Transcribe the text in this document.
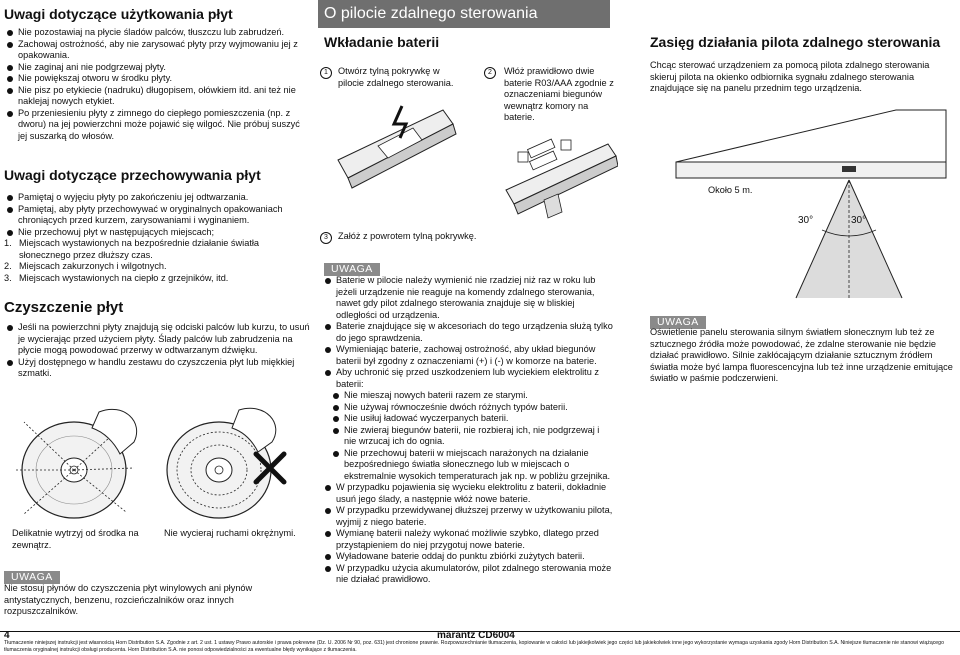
Uwagi dotyczące użytkowania płyt
Nie pozostawiaj na płycie śladów palców, tłuszczu lub zabrudzeń.
Zachowaj ostrożność, aby nie zarysować płyty przy wyjmowaniu jej z opakowania.
Nie zaginaj ani nie podgrzewaj płyty.
Nie powiększaj otworu w środku płyty.
Nie pisz po etykiecie (nadruku) długopisem, ołówkiem itd. ani też nie naklejaj nowych etykiet.
Po przeniesieniu płyty z zimnego do ciepłego pomieszczenia (np. z dworu) na jej powierzchni może pojawić się wilgoć. Nie próbuj suszyć jej suszarką do włosów.
Uwagi dotyczące przechowywania płyt
Pamiętaj o wyjęciu płyty po zakończeniu jej odtwarzania.
Pamiętaj, aby płyty przechowywać w oryginalnych opakowaniach chroniących przed kurzem, zarysowaniami i wyginaniem.
Nie przechowuj płyt w następujących miejscach;
1. Miejscach wystawionych na bezpośrednie działanie światła słonecznego przez dłuższy czas.
2. Miejscach zakurzonych i wilgotnych.
3. Miejscach wystawionych na ciepło z grzejników, itd.
Czyszczenie płyt
Jeśli na powierzchni płyty znajdują się odciski palców lub kurzu, to usuń je wycierając przed użyciem płyty. Ślady palców lub zabrudzenia na płycie mogą powodować przerwy w odtwarzanym dźwięku.
Użyj dostępnego w handlu zestawu do czyszczenia płyt lub miękkiej szmatki.
Delikatnie wytrzyj od środka na zewnątrz.
Nie wycieraj ruchami okrężnymi.
UWAGA

Nie stosuj płynów do czyszczenia płyt winylowych ani płynów antystatycznych, benzenu, rozcieńczalników oraz innych rozpuszczalników.

O pilocie zdalnego sterowania
Wkładanie baterii
1	Otwórz tylną pokrywkę w pilocie zdalnego sterowania.
2	Włóż prawidłowo dwie baterie R03/AAA zgodnie z oznaczeniami biegunów wewnątrz komory na baterie.
3	Załóż z powrotem tylną pokrywkę.
UWAGA
Baterie w pilocie należy wymienić nie rzadziej niż raz w roku lub jeżeli urządzenie nie reaguje na komendy zdalnego sterowania, nawet gdy pilot zdalnego sterowania znajduje się w bliskiej odległości od urządzenia.
Baterie znajdujące się w akcesoriach do tego urządzenia służą tylko do jego sprawdzenia.
Wymieniając baterie, zachowaj ostrożność, aby układ biegunów baterii był zgodny z oznaczeniami (+) i (-) w komorze na baterie.
Aby uchronić się przed uszkodzeniem lub wyciekiem elektrolitu z baterii:
Nie mieszaj nowych baterii razem ze starymi.
Nie używaj równocześnie dwóch różnych typów baterii.
Nie usiłuj ładować wyczerpanych baterii.
Nie zwieraj biegunów baterii, nie rozbieraj ich, nie podgrzewaj i nie wrzucaj ich do ognia.
Nie przechowuj baterii w miejscach narażonych na działanie bezpośredniego światła słonecznego lub w miejscach o ekstremalnie wysokich temperaturach jak np. w pobliżu grzejnika.
W przypadku pojawienia się wycieku elektrolitu z baterii, dokładnie usuń jego ślady, a następnie włóż nowe baterie.
W przypadku przewidywanej dłuższej przerwy w użytkowaniu pilota, wyjmij z niego baterie.
Wymianę baterii należy wykonać możliwie szybko, dlatego przed przystąpieniem do niej przygotuj nowe baterie.
Wyładowane baterie oddaj do punktu zbiórki zużytych baterii.
W przypadku użycia akumulatorów, pilot zdalnego sterowania może nie działać prawidłowo.
Zasięg działania pilota zdalnego sterowania

Chcąc sterować urządzeniem za pomocą pilota zdalnego sterowania skieruj pilota na okienko odbiornika sygnału zdalnego sterowania znajdujące się na panelu przednim tego urządzenia.

Około 5 m.
30°	30°
UWAGA

Oświetlenie panelu sterowania silnym światłem słonecznym lub też ze sztucznego źródła może powodować, że zdalne sterowanie nie będzie działać prawidłowo. Silnie zakłócającym działanie sztucznym źródłem światła może być lampa fluorescencyjna lub też inne urządzenie emitujące światło w paśmie podczerwieni.

4	marantz CD6004
Tłumaczenie niniejszej instrukcji jest własnością Horn Distribution S.A. Zgodnie z art. 2 ust. 1 ustawy Prawo autorskie i prawa pokrewne (Dz. U. 2006 Nr 90, poz. 631) jest chronione prawnie. Rozpowszechnianie tłumaczenia, kopiowanie w całości lub jakiejkolwiek jego części lub jakiekolwiek inne jego wykorzystanie wymaga uzyskania zgody Horn Distribution S.A. Niniejsze tłumaczenie nie stanowi wiążącego tłumaczenia oryginalnej instrukcji obsługi producenta. Horn Distribution S.A. nie ponosi odpowiedzialności za ewentualne błędy wynikające z tłumaczenia.
